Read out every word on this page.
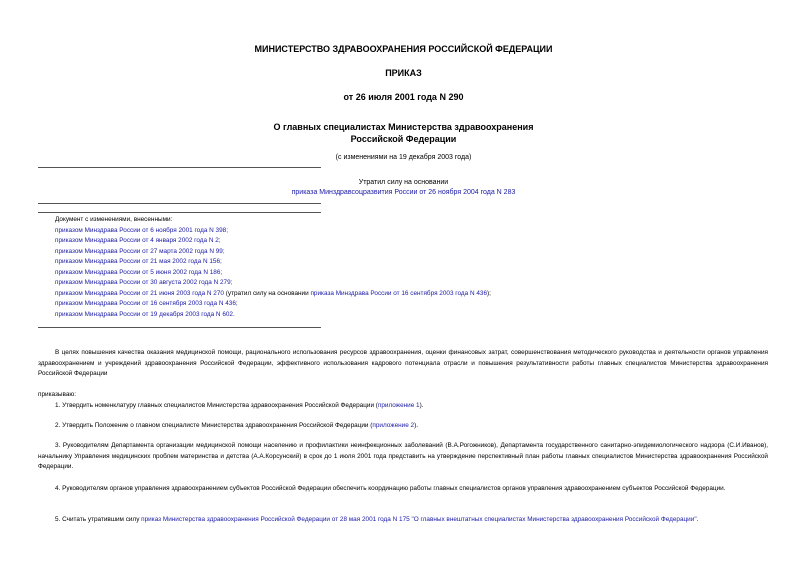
МИНИСТЕРСТВО ЗДРАВООХРАНЕНИЯ РОССИЙСКОЙ ФЕДЕРАЦИИ
ПРИКАЗ
от 26 июля 2001 года N 290
О главных специалистах Министерства здравоохранения
Российской Федерации
(с изменениями на 19 декабря 2003 года)
Утратил силу на основании
приказа Минздравсоцразвития России от 26 ноября 2004 года N 283
Документ с изменениями, внесенными:
приказом Минздрава России от 6 ноября 2001 года N 398;
приказом Минздрава России от 4 января 2002 года N 2;
приказом Минздрава России от 27 марта 2002 года N 99;
приказом Минздрава России от 21 мая 2002 года N 156;
приказом Минздрава России от 5 июня 2002 года N 186;
приказом Минздрава России от 30 августа 2002 года N 279;
приказом Минздрава России от 21 июня 2003 года N 270 (утратил силу на основании приказа Минздрава России от 16 сентября 2003 года N 436);
приказом Минздрава России от 16 сентября 2003 года N 436;
приказом Минздрава России от 19 декабря 2003 года N 602.
В целях повышения качества оказания медицинской помощи, рационального использования ресурсов здравоохранения, оценки финансовых затрат, совершенствования методического руководства и деятельности органов управления здравоохранением и учреждений здравоохранения Российской Федерации, эффективного использования кадрового потенциала отрасли и повышения результативности работы главных специалистов Министерства здравоохранения Российской Федерации
приказываю:
1. Утвердить номенклатуру главных специалистов Министерства здравоохранения Российской Федерации (приложение 1).
2. Утвердить Положение о главном специалисте Министерства здравоохранения Российской Федерации (приложение 2).
3. Руководителям Департамента организации медицинской помощи населению и профилактики неинфекционных заболеваний (В.А.Рогожников), Департамента государственного санитарно-эпидемиологического надзора (С.И.Иванов), начальнику Управления медицинских проблем материнства и детства (А.А.Корсунский) в срок до 1 июля 2001 года представить на утверждение перспективный план работы главных специалистов Министерства здравоохранения Российской Федерации.
4. Руководителям органов управления здравоохранением субъектов Российской Федерации обеспечить координацию работы главных специалистов органов управления здравоохранением субъектов Российской Федерации.
5. Считать утратившим силу приказ Министерства здравоохранения Российской Федерации от 28 мая 2001 года N 175 "О главных внештатных специалистах Министерства здравоохранения Российской Федерации".
